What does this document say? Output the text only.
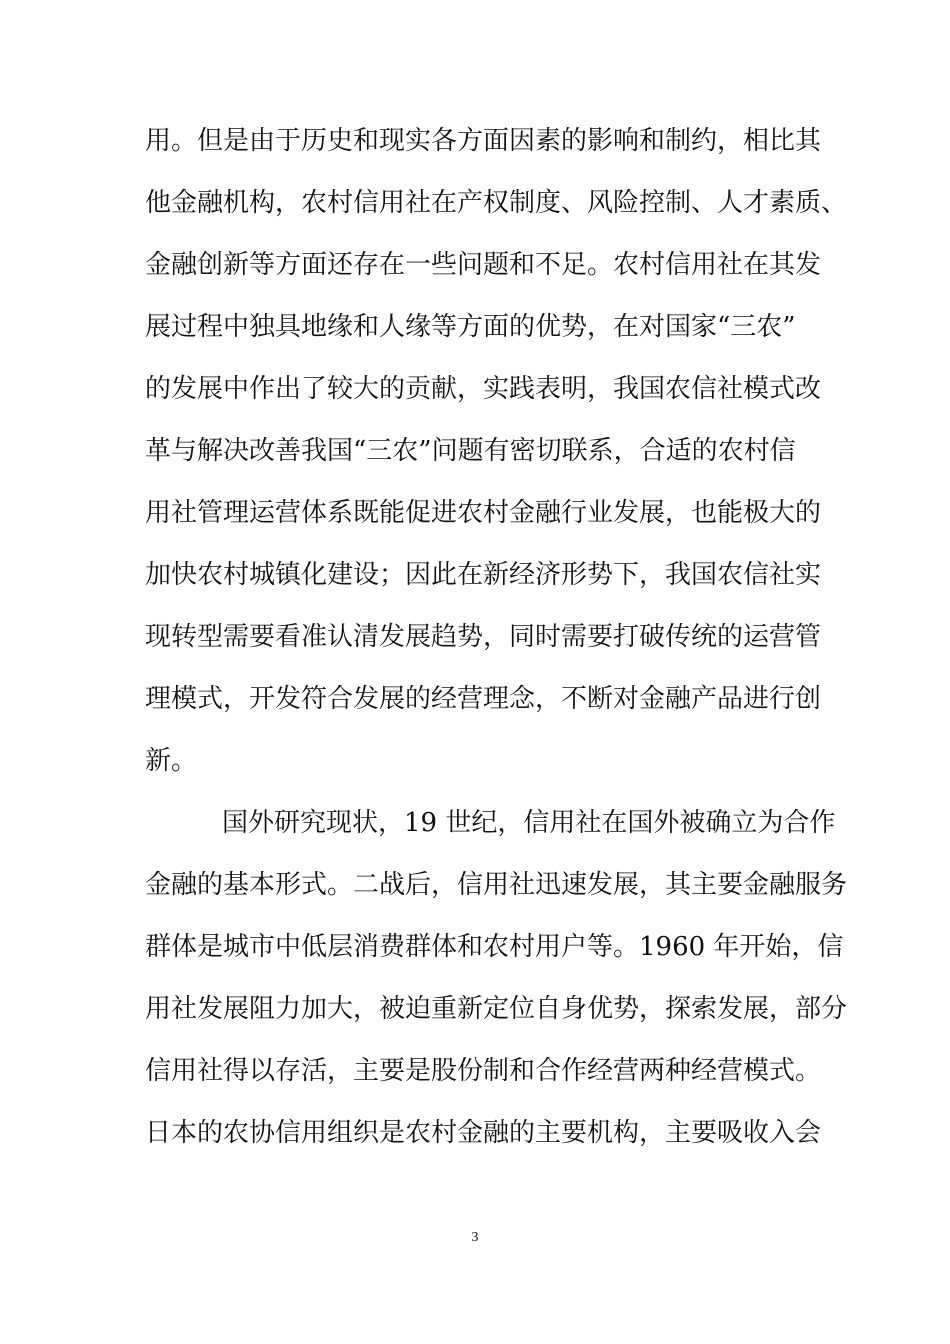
用。但是由于历史和现实各方面因素的影响和制约，相比其
他金融机构，农村信用社在产权制度、风险控制、人才素质、
金融创新等方面还存在一些问题和不足。农村信用社在其发
展过程中独具地缘和人缘等方面的优势，在对国家“三农”
的发展中作出了较大的贡献，实践表明，我国农信社模式改
革与解决改善我国“三农”问题有密切联系，合适的农村信
用社管理运营体系既能促进农村金融行业发展，也能极大的
加快农村城镇化建设；因此在新经济形势下，我国农信社实
现转型需要看准认清发展趋势，同时需要打破传统的运营管
理模式，开发符合发展的经营理念，不断对金融产品进行创
新。
国外研究现状，19 世纪，信用社在国外被确立为合作
金融的基本形式。二战后，信用社迅速发展，其主要金融服务
群体是城市中低层消费群体和农村用户等。1960 年开始，信
用社发展阻力加大，被迫重新定位自身优势，探索发展，部分
信用社得以存活，主要是股份制和合作经营两种经营模式。
日本的农协信用组织是农村金融的主要机构，主要吸收入会
3
